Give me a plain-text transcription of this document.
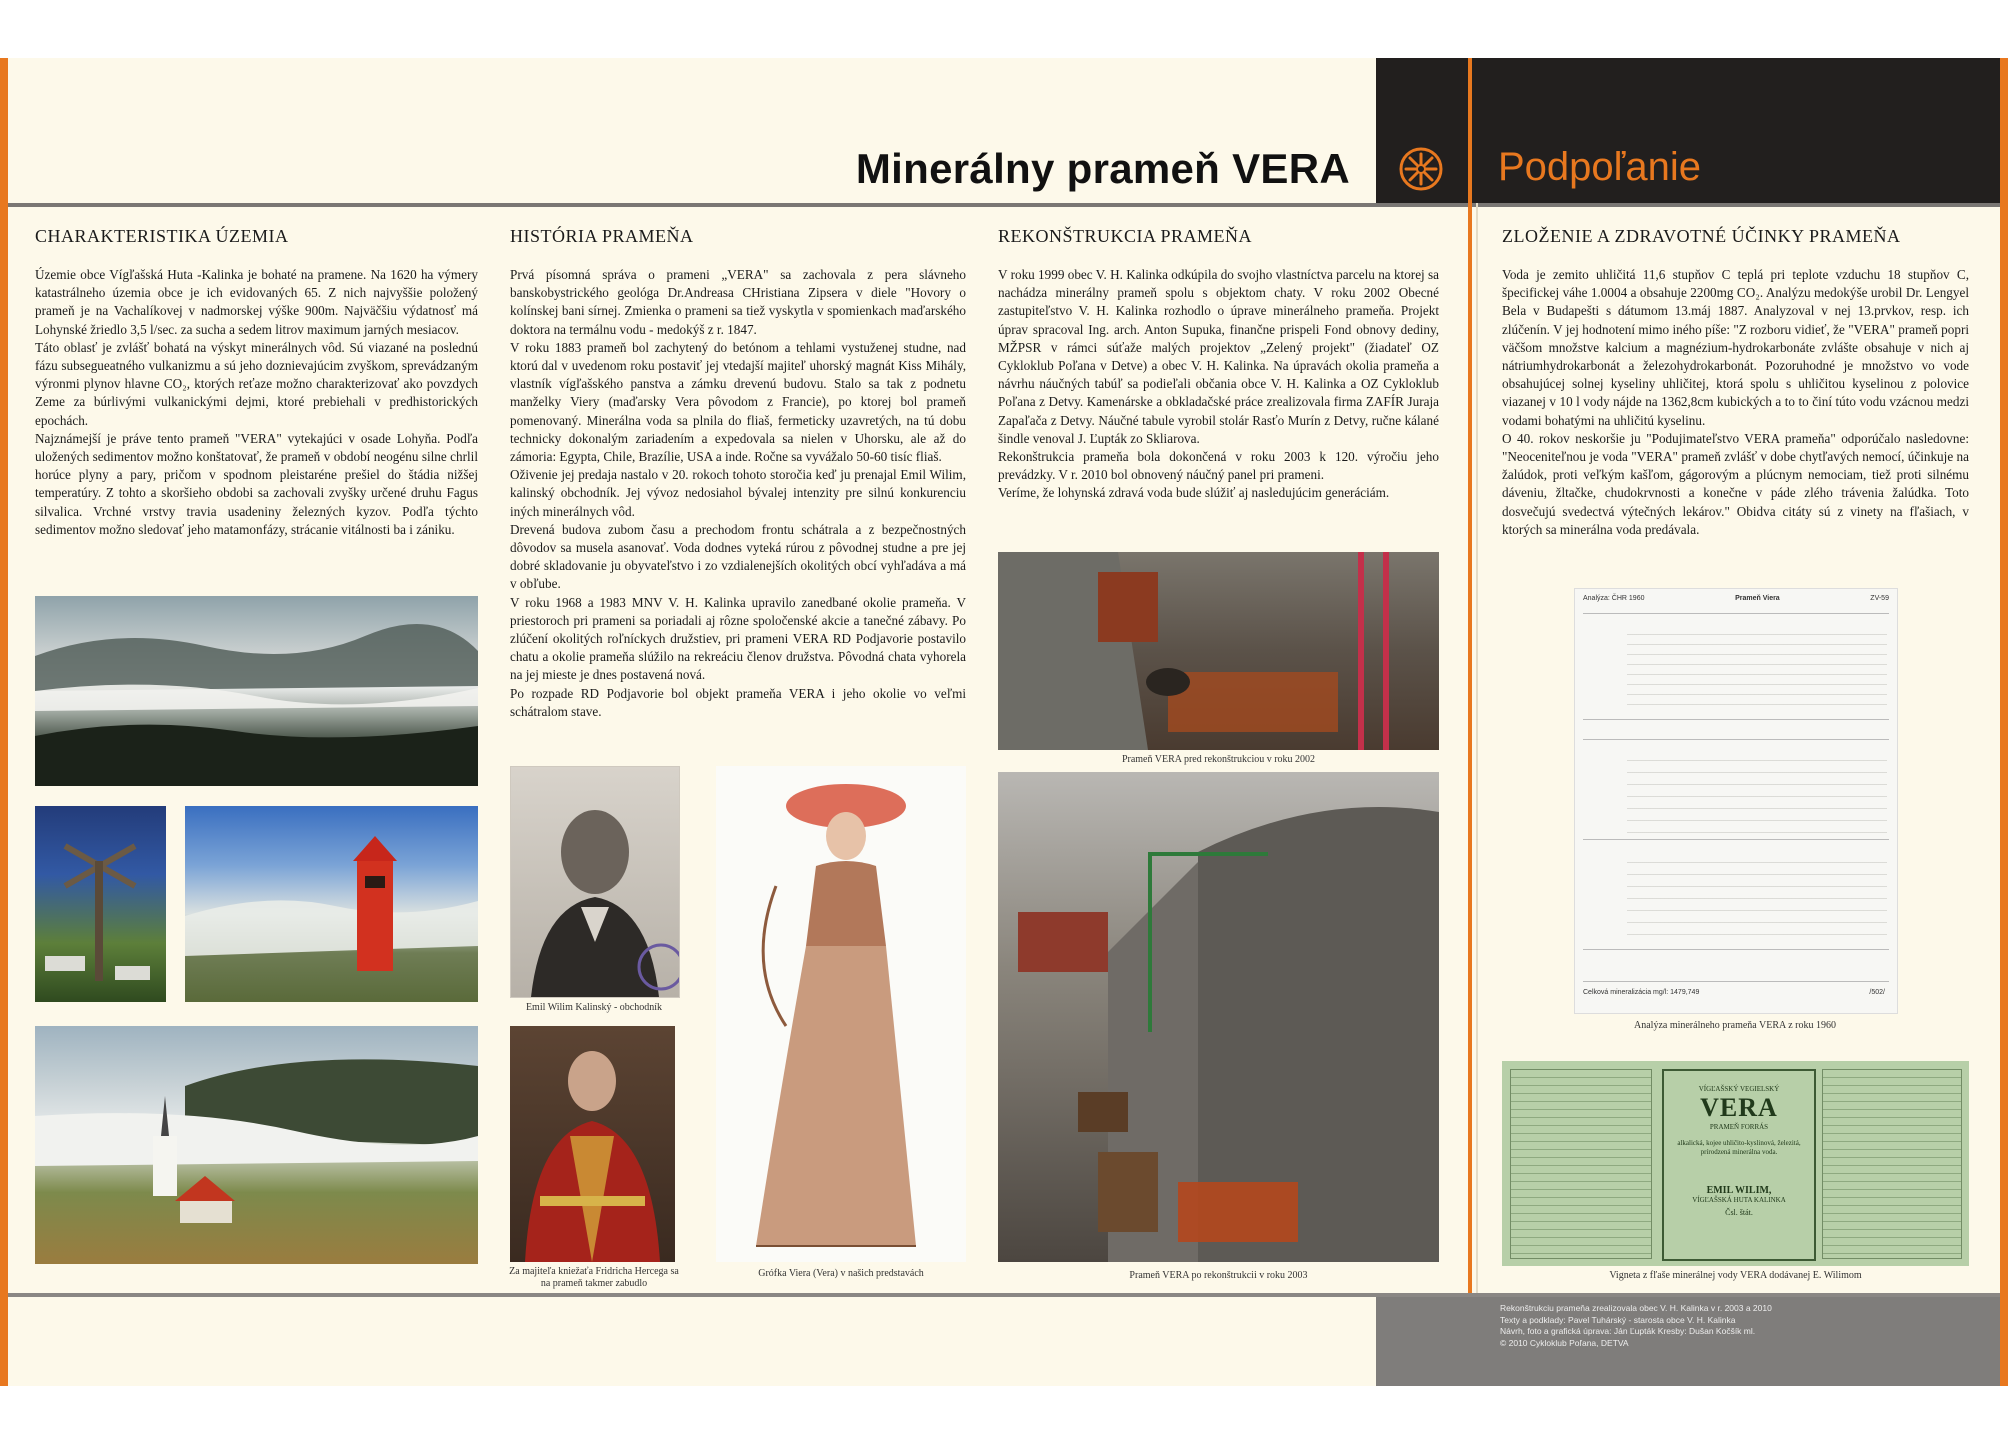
Minerálny prameň VERA	Podpoľanie
CHARAKTERISTIKA ÚZEMIA

Územie obce Vígľašská Huta -Kalinka je bohaté na pramene. Na 1620 ha výmery katastrálneho územia obce je ich evidovaných 65. Z nich najvyššie položený prameň je na Vachalíkovej v nadmorskej výške 900m. Najväčšiu výdatnosť má Lohynské žriedlo 3,5 l/sec. za sucha a sedem litrov maximum jarných mesiacov.

Táto oblasť je zvlášť bohatá na výskyt minerálnych vôd. Sú viazané na poslednú fázu subsegueatného vulkanizmu a sú jeho doznievajúcim zvyškom, sprevádzaným výronmi plynov hlavne CO₂, ktorých reťaze možno charakterizovať ako povzdych Zeme za búrlivými vulkanickými dejmi, ktoré prebiehali v predhistorických epochách.

Najznámejší je práve tento prameň "VERA" vytekajúci v osade Lohyňa. Podľa uložených sedimentov možno konštatovať, že prameň v období neogénu silne chrlil horúce plyny a pary, pričom v spodnom pleistaréne prešiel do štádia nižšej temperatúry. Z tohto a skoršieho obdobi sa zachovali zvyšky určené druhu Fagus silvalica. Vrchné vrstvy travia usadeniny železných kyzov. Podľa týchto sedimentov možno sledovať jeho matamonfázy, strácanie vitálnosti ba i zániku.

HISTÓRIA PRAMEŇA

Prvá písomná správa o prameni „VERA" sa zachovala z pera slávneho banskobystrického geológa Dr.Andreasa CHristiana Zipsera v diele "Hovory o kolínskej bani sírnej. Zmienka o prameni sa tiež vyskytla v spomienkach maďarského doktora na termálnu vodu - medokýš z r. 1847.

V roku 1883 prameň bol zachytený do betónom a tehlami vystuženej studne, nad ktorú dal v uvedenom roku postaviť jej vtedajší majiteľ uhorský magnát Kiss Mihály, vlastník vígľašského panstva a zámku drevenú budovu. Stalo sa tak z podnetu manželky Viery (maďarsky Vera pôvodom z Francie), po ktorej bol prameň pomenovaný. Minerálna voda sa plnila do fliaš, fermeticky uzavretých, na tú dobu technicky dokonalým zariadením a expedovala sa nielen v Uhorsku, ale až do zámoria: Egypta, Chile, Brazílie, USA a inde. Ročne sa vyvážalo 50-60 tisíc fliaš.

Oživenie jej predaja nastalo v 20. rokoch tohoto storočia keď ju prenajal Emil Wilim, kalinský obchodník. Jej vývoz nedosiahol bývalej intenzity pre silnú konkurenciu iných minerálnych vôd.

Drevená budova zubom času a prechodom frontu schátrala a z bezpečnostných dôvodov sa musela asanovať. Voda dodnes vyteká rúrou z pôvodnej studne a pre jej dobré skladovanie ju obyvateľstvo i zo vzdialenejších okolitých obcí vyhľadáva a má v obľube.

V roku 1968 a 1983 MNV V. H. Kalinka upravilo zanedbané okolie prameňa. V priestoroch pri prameni sa poriadali aj rôzne spoločenské akcie a tanečné zábavy. Po zlúčení okolitých roľníckych družstiev, pri prameni VERA RD Podjavorie postavilo chatu a okolie prameňa slúžilo na rekreáciu členov družstva. Pôvodná chata vyhorela na jej mieste je dnes postavená nová.

Po rozpade RD Podjavorie bol objekt prameňa VERA i jeho okolie vo veľmi schátralom stave.

Emil Wilim Kalinský - obchodník
Za majiteľa kniežaťa Fridricha Hercega sa na prameň takmer zabudlo
Grófka Viera (Vera) v našich predstavách
REKONŠTRUKCIA PRAMEŇA

V roku 1999 obec V. H. Kalinka odkúpila do svojho vlastníctva parcelu na ktorej sa nachádza minerálny prameň spolu s objektom chaty. V roku 2002 Obecné zastupiteľstvo V. H. Kalinka rozhodlo o úprave minerálneho prameňa. Projekt úprav spracoval Ing. arch. Anton Supuka, finančne prispeli Fond obnovy dediny, MŽPSR v rámci súťaže malých projektov „Zelený projekt" (žiadateľ OZ Cykloklub Poľana v Detve) a obec V. H. Kalinka. Na úpravách okolia prameňa a návrhu náučných tabúľ sa podieľali občania obce V. H. Kalinka a OZ Cykloklub Poľana z Detvy. Kamenárske a obkladačské práce zrealizovala firma ZAFÍR Juraja Zapaľača z Detvy. Náučné tabule vyrobil stolár Rasťo Murín z Detvy, ručne kálané šindle venoval J. Ľupták zo Skliarova.

Rekonštrukcia prameňa bola dokončená v roku 2003 k 120. výročiu jeho prevádzky. V r. 2010 bol obnovený náučný panel pri prameni.

Veríme, že lohynská zdravá voda bude slúžiť aj nasledujúcim generáciám.

Prameň VERA pred rekonštrukciou v roku 2002
Prameň VERA po rekonštrukcii v roku 2003
ZLOŽENIE A ZDRAVOTNÉ ÚČINKY PRAMEŇA

Voda je zemito uhličitá 11,6 stupňov C teplá pri teplote vzduchu 18 stupňov C, špecifickej váhe 1.0004 a obsahuje 2200mg CO₂. Analýzu medokýše urobil Dr. Lengyel Bela v Budapešti s dátumom 13.máj 1887. Analyzoval v nej 13.prvkov, resp. ich zlúčenín. V jej hodnotení mimo iného píše: "Z rozboru vidieť, že "VERA" prameň popri väčšom množstve kalcium a magnézium-hydrokarbonáte zvlášte obsahuje v nich aj nátriumhydrokarbonát a železohydrokarbonát. Pozoruhodné je množstvo vo vode obsahujúcej solnej kyseliny uhličitej, ktorá spolu s uhličitou kyselinou z polovice viazanej v 10 l vody nájde na 1362,8cm kubických a to to činí túto vodu vzácnou medzi vodami bohatými na uhličitú kyselinu.

O 40. rokov neskoršie ju "Podujimateľstvo VERA prameňa" odporúčalo nasledovne: "Neoceniteľnou je voda "VERA" prameň zvlášť v dobe chytľavých nemocí, účinkuje na žalúdok, proti veľkým kašľom, gágorovým a plúcnym nemociam, tiež proti silnému dáveniu, žltačke, chudokrvnosti a konečne v páde zlého trávenia žalúdka. Toto dosvečujú svedectvá výtečných lekárov." Obidva citáty sú z vinety na fľašiach, v ktorých sa minerálna voda predávala.

Analýza: ČHR 1960	Prameň Viera	ZV-59
Celková mineralizácia mg/l: 1479,749	/502/
Analýza minerálneho prameňa VERA z roku 1960
VÍGĽAŠSKÝ VEGIELSKÝ
VERA
PRAMEŇ FORRÁS
alkalická, kojee uhličito-kyslinová, železitá, prírodzená minerálna voda.
EMIL WILIM,
VÍGĽAŠSKÁ HUTA KALINKA
Čsl. štát.
Vigneta z fľaše minerálnej vody VERA dodávanej E. Wilimom
Rekonštrukciu prameňa zrealizovala obec V. H. Kalinka v r. 2003 a 2010
Texty a podklady: Pavel Tuhárský - starosta obce V. H. Kalinka
Návrh, foto a grafická úprava: Ján Ľupták Kresby: Dušan Kočšík ml.
© 2010 Cykloklub Poľana, DETVA
